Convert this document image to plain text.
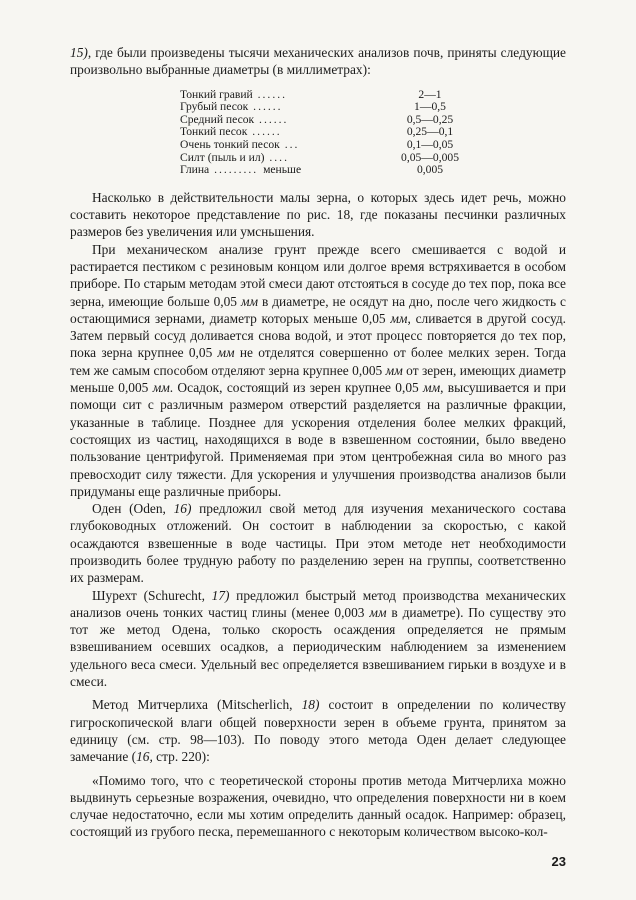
15), где были произведены тысячи механических анализов почв, приняты следующие произвольно выбранные диаметры (в миллиметрах):

Тонкий гравий ......	2—1
Грубый песок ......	1—0,5
Средний песок ......	0,5—0,25
Тонкий песок ......	0,25—0,1
Очень тонкий песок ...	0,1—0,05
Силт (пыль и ил) ....	0,05—0,005
Глина ......... меньше	0,005

Насколько в действительности малы зерна, о которых здесь идет речь, можно составить некоторое представление по рис. 18, где показаны песчинки различных размеров без увеличения или умсньшения.

При механическом анализе грунт прежде всего смешивается с водой и растирается пестиком с резиновым концом или долгое время встряхивается в особом приборе. По старым методам этой смеси дают отстояться в сосуде до тех пор, пока все зерна, имеющие больше 0,05 мм в диаметре, не осядут на дно, после чего жидкость с остающимися зернами, диаметр которых меньше 0,05 мм, сливается в другой сосуд. Затем первый сосуд доливается снова водой, и этот процесс повторяется до тех пор, пока зерна крупнее 0,05 мм не отделятся совершенно от более мелких зерен. Тогда тем же самым способом отделяют зерна крупнее 0,005 мм от зерен, имеющих диаметр меньше 0,005 мм. Осадок, состоящий из зерен крупнее 0,05 мм, высушивается и при помощи сит с различным размером отверстий разделяется на различные фракции, указанные в таблице. Позднее для ускорения отделения более мелких фракций, состоящих из частиц, находящихся в воде в взвешенном состоянии, было введено пользование центрифугой. Применяемая при этом центробежная сила во много раз превосходит силу тяжести. Для ускорения и улучшения производства анализов были придуманы еще различные приборы.

Оден (Oden, 16) предложил свой метод для изучения механического состава глубоководных отложений. Он состоит в наблюдении за скоростью, с какой осаждаются взвешенные в воде частицы. При этом методе нет необходимости производить более трудную работу по разделению зерен на группы, соответственно их размерам.

Шурехт (Schurecht, 17) предложил быстрый метод производства механических анализов очень тонких частиц глины (менее 0,003 мм в диаметре). По существу это тот же метод Одена, только скорость осаждения определяется не прямым взвешиванием осевших осадков, а периодическим наблюдением за изменением удельного веса смеси. Удельный вес определяется взвешиванием гирьки в воздухе и в смеси.

Метод Митчерлиха (Mitscherlich, 18) состоит в определении по количеству гигроскопической влаги общей поверхности зерен в объеме грунта, принятом за единицу (см. стр. 98—103). По поводу этого метода Оден делает следующее замечание (16, стр. 220):

«Помимо того, что с теоретической стороны против метода Митчерлиха можно выдвинуть серьезные возражения, очевидно, что определения поверхности ни в коем случае недостаточно, если мы хотим определить данный осадок. Например: образец, состоящий из грубого песка, перемешанного с некоторым количеством высоко-кол-

23
